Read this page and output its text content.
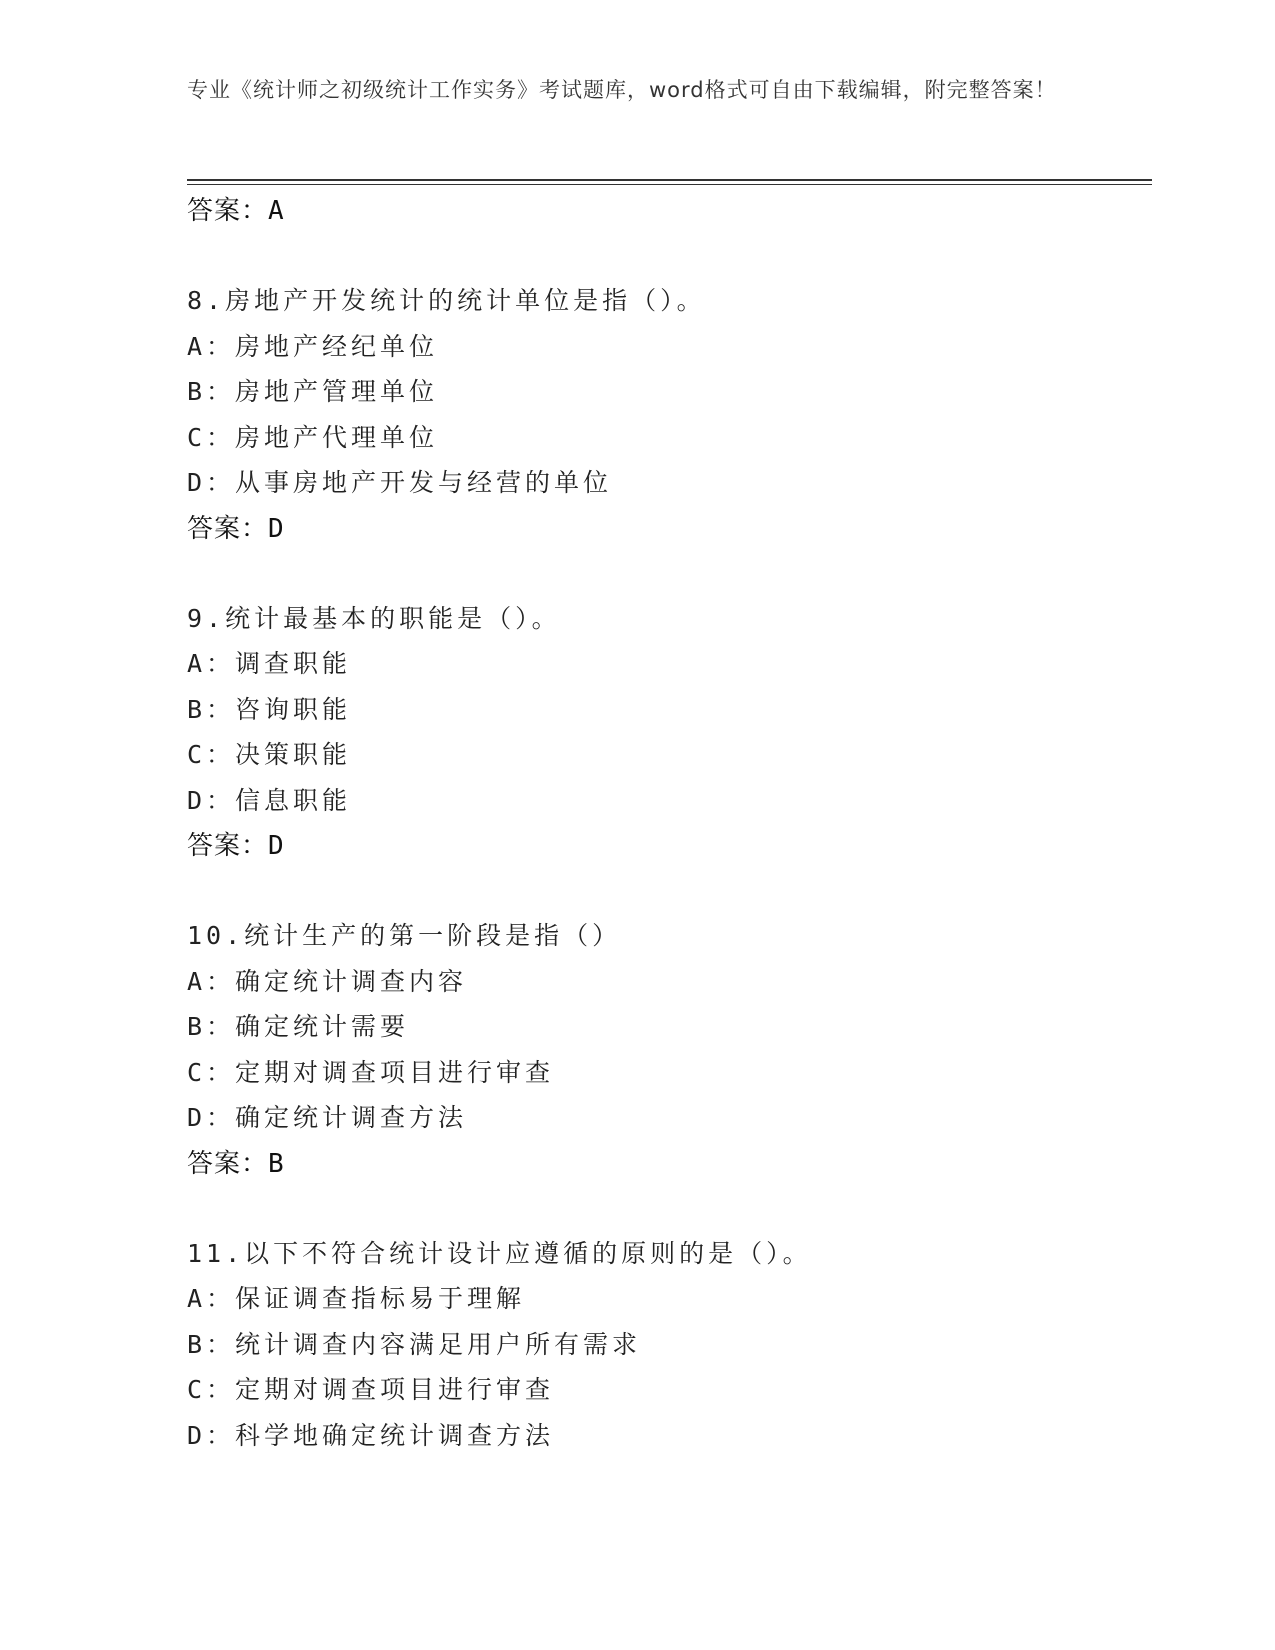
专业《统计师之初级统计工作实务》考试题库，word格式可自由下载编辑，附完整答案！
答案：A
8.房地产开发统计的统计单位是指（）。
A：房地产经纪单位
B：房地产管理单位
C：房地产代理单位
D：从事房地产开发与经营的单位
答案：D
9.统计最基本的职能是（）。
A：调查职能
B：咨询职能
C：决策职能
D：信息职能
答案：D
10.统计生产的第一阶段是指（）
A：确定统计调查内容
B：确定统计需要
C：定期对调查项目进行审查
D：确定统计调查方法
答案：B
11.以下不符合统计设计应遵循的原则的是（）。
A：保证调查指标易于理解
B：统计调查内容满足用户所有需求
C：定期对调查项目进行审查
D：科学地确定统计调查方法
